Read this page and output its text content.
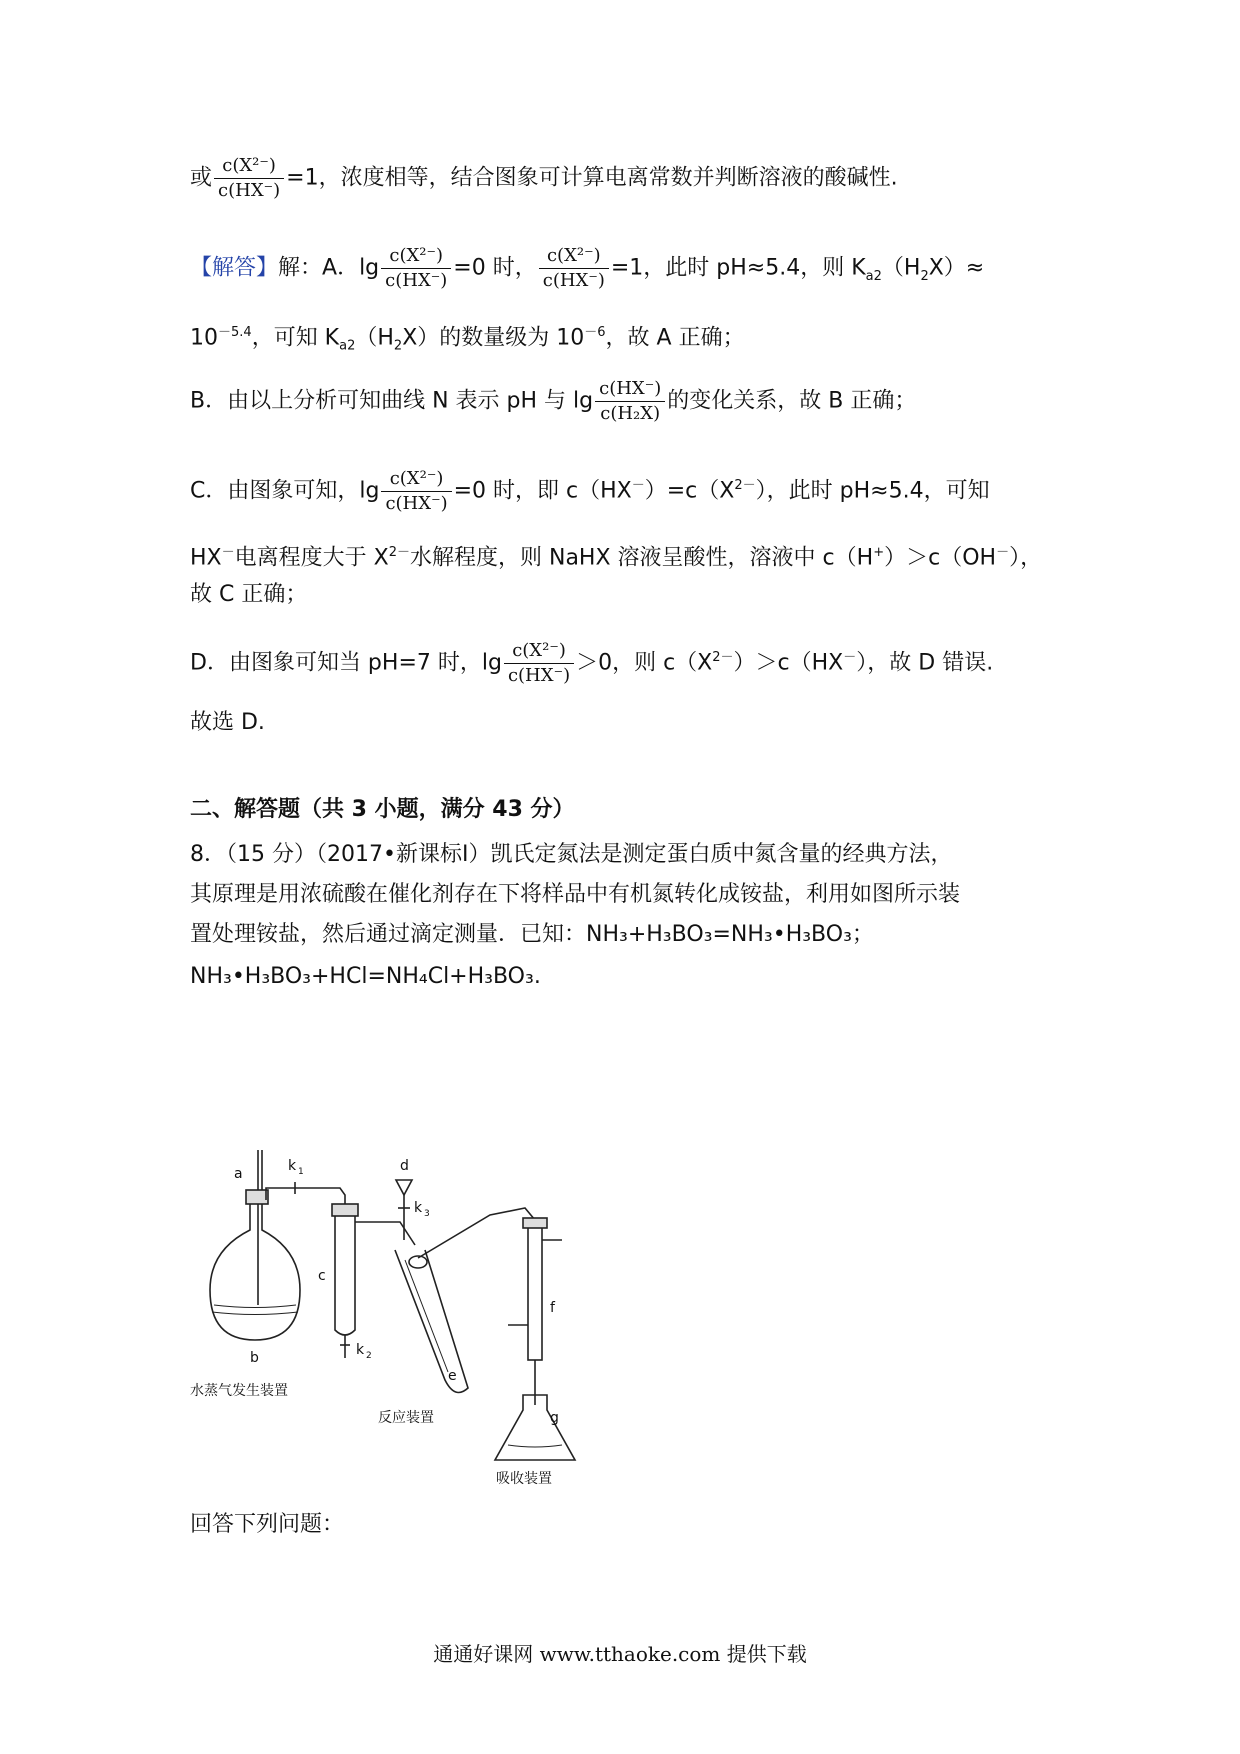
或 $\frac{\text{c(X²⁻)}}{c(HX^-)} =1$，浓度相等，结合图象可计算电离常数并判断溶液的酸碱性.
【解答】解：A．$\lg \frac{\text{c(X²⁻)}}{c(HX^-)} =0$ 时， $\frac{\text{c(X²⁻)}}{c(HX^-)} =1$，此时 pH≈5.4，则 $K_{a2}(H_2X)\approx$
$10^{-5.4}$，可知 $K_{a2}(H_2X)$的数量级为 $10^{-6}$，故 A 正确；
B．由以上分析可知曲线 N 表示 pH 与 $\lg \frac{c(HX^-)}{\text{c(H₂X)}}$ 的变化关系，故 B 正确；
C．由图象可知，$\lg \frac{\text{c(X²⁻)}}{c(HX^-)} =0$ 时，即 $c(HX^-)=c(X^{2-})$，此时 pH≈5.4，可知
HX－电离程度大于 $X^{2-}$水解程度，则 NaHX 溶液呈酸性，溶液中 c（H+）＞c（OH－），
故 C 正确；
D．由图象可知当 pH=7 时，$\lg \frac{\text{c(X²⁻)}}{c(HX^-)} >0$，则 $c(X^{2-})>c(HX^-)$，故 D 错误.
故选 D.
二、解答题（共 3 小题，满分 43 分）
8．（15 分）（2017•新课标Ⅰ）凯氏定氮法是测定蛋白质中氮含量的经典方法，
其原理是用浓硫酸在催化剂存在下将样品中有机氮转化成铵盐，利用如图所示装
置处理铵盐，然后通过滴定测量．已知：NH₃+H₃BO₃=NH₃•H₃BO₃；
NH₃•H₃BO₃+HCl=NH₄Cl+H₃BO₃.
a	k 1
b
c
k 2
d
k 3
e
f
g
水蒸气发生装置
反应装置
吸收装置
回答下列问题：
通通好课网 www.tthaoke.com 提供下载
